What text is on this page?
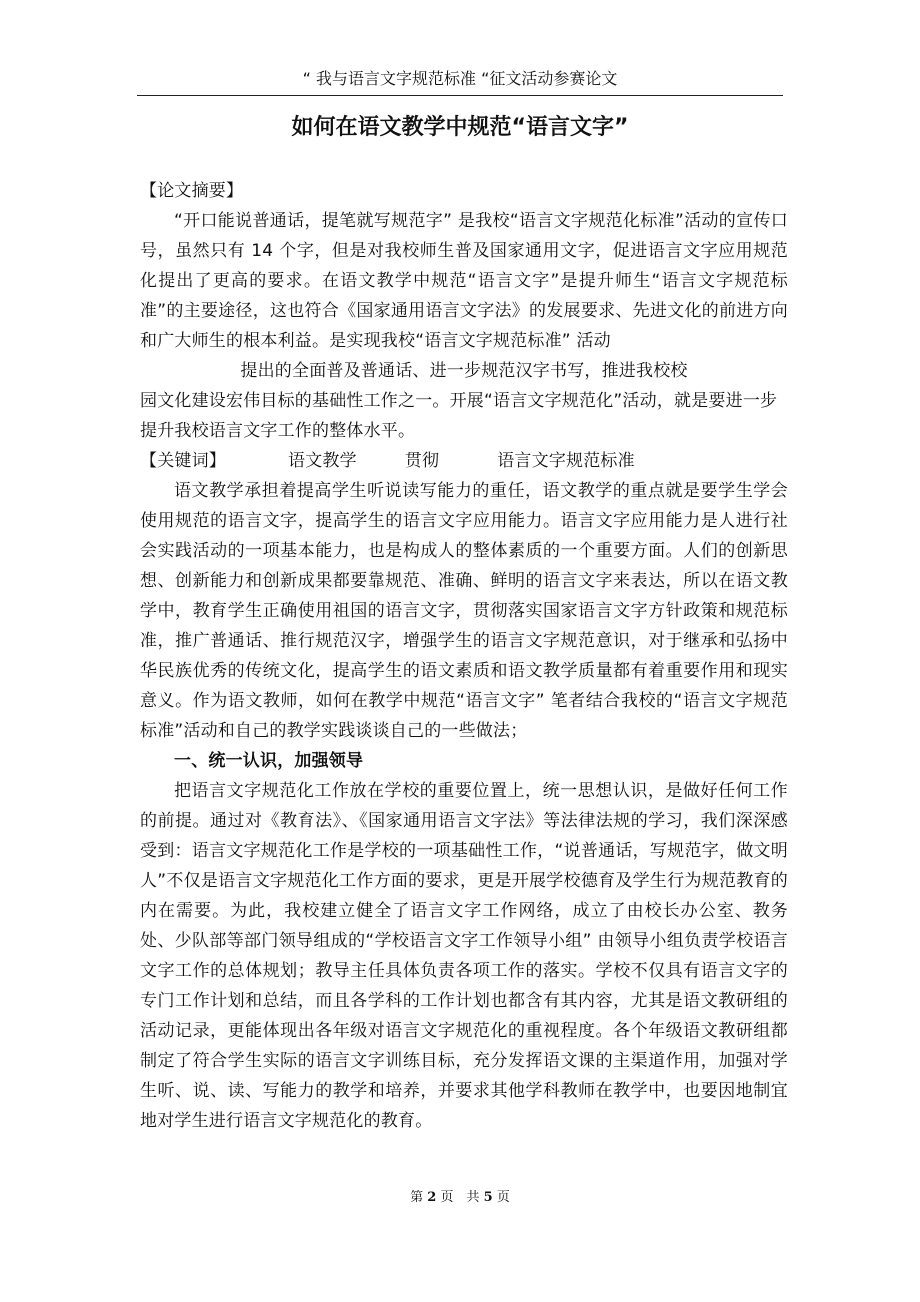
“ 我与语言文字规范标准 “征文活动参赛论文
如何在语文教学中规范“语言文字”

【论文摘要】

“开口能说普通话，提笔就写规范字” 是我校“语言文字规范化标准”活动的宣传口号，虽然只有 14 个字，但是对我校师生普及国家通用文字，促进语言文字应用规范化提出了更高的要求。在语文教学中规范“语言文字”是提升师生“语言文字规范标准”的主要途径，这也符合《国家通用语言文字法》的发展要求、先进文化的前进方向和广大师生的根本利益。是实现我校“语言文字规范标准” 活动

提出的全面普及普通话、进一步规范汉字书写，推进我校校

园文化建设宏伟目标的基础性工作之一。开展“语言文字规范化”活动，就是要进一步提升我校语言文字工作的整体水平。

【关键词】	语文教学	贯彻	语言文字规范标准

语文教学承担着提高学生听说读写能力的重任，语文教学的重点就是要学生学会使用规范的语言文字，提高学生的语言文字应用能力。语言文字应用能力是人进行社会实践活动的一项基本能力，也是构成人的整体素质的一个重要方面。人们的创新思想、创新能力和创新成果都要靠规范、准确、鲜明的语言文字来表达，所以在语文教学中，教育学生正确使用祖国的语言文字，贯彻落实国家语言文字方针政策和规范标准，推广普通话、推行规范汉字，增强学生的语言文字规范意识，对于继承和弘扬中华民族优秀的传统文化，提高学生的语文素质和语文教学质量都有着重要作用和现实意义。作为语文教师，如何在教学中规范“语言文字” 笔者结合我校的“语言文字规范标准”活动和自己的教学实践谈谈自己的一些做法；

一、统一认识，加强领导

把语言文字规范化工作放在学校的重要位置上，统一思想认识，是做好任何工作的前提。通过对《教育法》、《国家通用语言文字法》等法律法规的学习，我们深深感受到：语言文字规范化工作是学校的一项基础性工作，“说普通话，写规范字，做文明人”不仅是语言文字规范化工作方面的要求，更是开展学校德育及学生行为规范教育的内在需要。为此，我校建立健全了语言文字工作网络，成立了由校长办公室、教务处、少队部等部门领导组成的“学校语言文字工作领导小组” 由领导小组负责学校语言文字工作的总体规划；教导主任具体负责各项工作的落实。学校不仅具有语言文字的专门工作计划和总结，而且各学科的工作计划也都含有其内容，尤其是语文教研组的活动记录，更能体现出各年级对语言文字规范化的重视程度。各个年级语文教研组都制定了符合学生实际的语言文字训练目标，充分发挥语文课的主渠道作用，加强对学生听、说、读、写能力的教学和培养，并要求其他学科教师在教学中，也要因地制宜地对学生进行语言文字规范化的教育。

第 2 页　共 5 页
